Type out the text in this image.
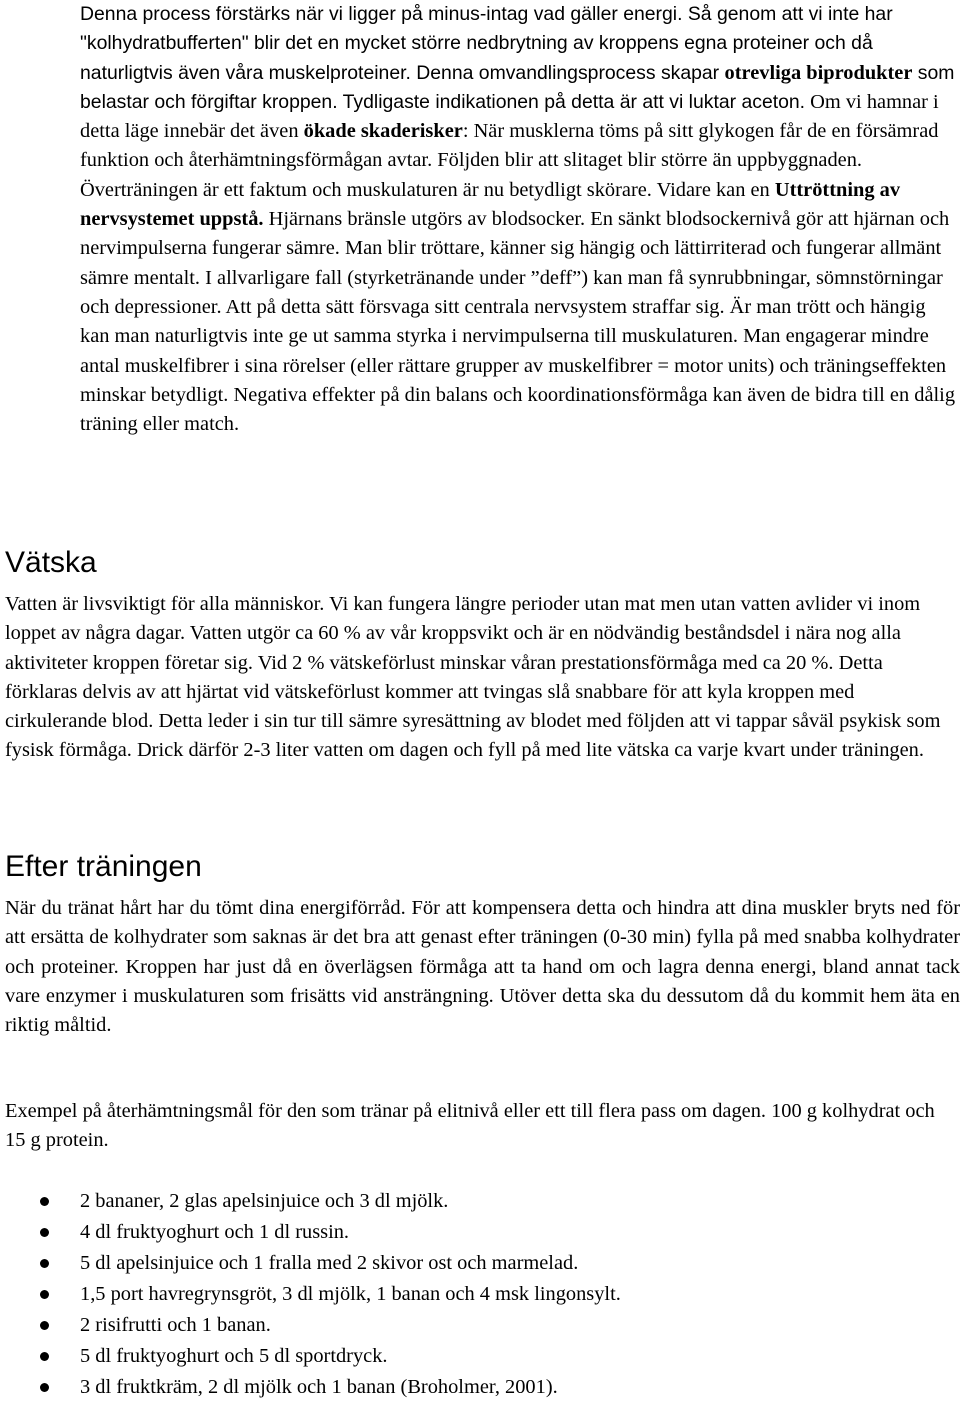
Denna process förstärks när vi ligger på minus-intag vad gäller energi. Så genom att vi inte har "kolhydratbufferten" blir det en mycket större nedbrytning av kroppens egna proteiner och då naturligtvis även våra muskelproteiner. Denna omvandlingsprocess skapar otrevliga biprodukter som belastar och förgiftar kroppen. Tydligaste indikationen på detta är att vi luktar aceton. Om vi hamnar i detta läge innebär det även ökade skaderisker: När musklerna töms på sitt glykogen får de en försämrad funktion och återhämtningsförmågan avtar. Följden blir att slitaget blir större än uppbyggnaden. Överträningen är ett faktum och muskulaturen är nu betydligt skörare. Vidare kan en Uttröttning av nervsystemet uppstå. Hjärnans bränsle utgörs av blodsocker. En sänkt blodsockernivå gör att hjärnan och nervimpulserna fungerar sämre. Man blir tröttare, känner sig hängig och lättirriterad och fungerar allmänt sämre mentalt. I allvarligare fall (styrketränande under ”deff”) kan man få synrubbningar, sömnstörningar och depressioner. Att på detta sätt försvaga sitt centrala nervsystem straffar sig. Är man trött och hängig kan man naturligtvis inte ge ut samma styrka i nervimpulserna till muskulaturen. Man engagerar mindre antal muskelfibrer i sina rörelser (eller rättare grupper av muskelfibrer = motor units) och träningseffekten minskar betydligt. Negativa effekter på din balans och koordinationsförmåga kan även de bidra till en dålig träning eller match.

Vätska

Vatten är livsviktigt för alla människor. Vi kan fungera längre perioder utan mat men utan vatten avlider vi inom loppet av några dagar. Vatten utgör ca 60 % av vår kroppsvikt och är en nödvändig beståndsdel i nära nog alla aktiviteter kroppen företar sig. Vid 2 % vätskeförlust minskar våran prestationsförmåga med ca 20 %. Detta förklaras delvis av att hjärtat vid vätskeförlust kommer att tvingas slå snabbare för att kyla kroppen med cirkulerande blod. Detta leder i sin tur till sämre syresättning av blodet med följden att vi tappar såväl psykisk som fysisk förmåga. Drick därför 2-3 liter vatten om dagen och fyll på med lite vätska ca varje kvart under träningen.

Efter träningen

När du tränat hårt har du tömt dina energiförråd. För att kompensera detta och hindra att dina muskler bryts ned för att ersätta de kolhydrater som saknas är det bra att genast efter träningen (0-30 min) fylla på med snabba kolhydrater och proteiner. Kroppen har just då en överlägsen förmåga att ta hand om och lagra denna energi, bland annat tack vare enzymer i muskulaturen som frisätts vid ansträngning. Utöver detta ska du dessutom då du kommit hem äta en riktig måltid.

Exempel på återhämtningsmål för den som tränar på elitnivå eller ett till flera pass om dagen. 100 g kolhydrat och 15 g protein.

2 bananer, 2 glas apelsinjuice och 3 dl mjölk.
4 dl fruktyoghurt och 1 dl russin.
5 dl apelsinjuice och 1 fralla med 2 skivor ost och marmelad.
1,5 port havregrynsgröt, 3 dl mjölk, 1 banan och 4 msk lingonsylt.
2 risifrutti och 1 banan.
5 dl fruktyoghurt och 5 dl sportdryck.
3 dl fruktkräm, 2 dl mjölk och 1 banan (Broholmer, 2001).
